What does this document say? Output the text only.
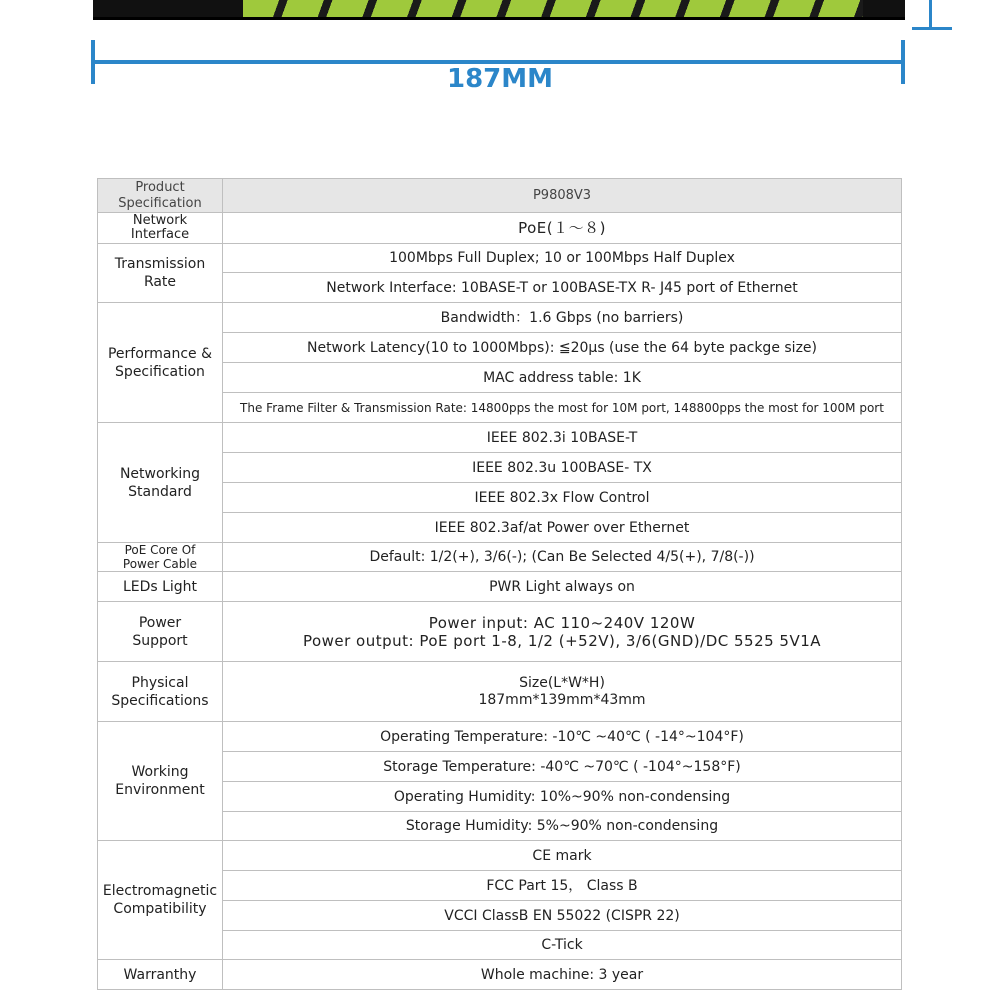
187MM
Product Specification	P9808V3
Network
Interface	PoE(１～８)
Transmission
Rate	100Mbps Full Duplex; 10 or 100Mbps Half Duplex
	Network Interface: 10BASE-T or 100BASE-TX R- J45 port of Ethernet
Performance &
Specification	Bandwidth：1.6 Gbps (no barriers)
	Network Latency(10 to 1000Mbps): ≦20μs (use the 64 byte packge size)
	MAC address table: 1K
	The Frame Filter & Transmission Rate: 14800pps the most for 10M port, 148800pps the most for 100M port
Networking
Standard	IEEE 802.3i 10BASE-T
	IEEE 802.3u 100BASE- TX
	IEEE 802.3x Flow Control
	IEEE 802.3af/at Power over Ethernet
PoE Core Of
Power Cable	Default: 1/2(+), 3/6(-); (Can Be Selected 4/5(+), 7/8(-))
LEDs Light	PWR Light always on
Power
Support	Power input: AC 110~240V 120W
Power output: PoE port 1-8, 1/2 (+52V), 3/6(GND)/DC 5525 5V1A
Physical
Specifications	Size(L*W*H)
187mm*139mm*43mm
Working
Environment	Operating Temperature: -10℃ ~40℃ ( -14°~104°F)
	Storage Temperature: -40℃ ~70℃ ( -104°~158°F)
	Operating Humidity: 10%~90% non-condensing
	Storage Humidity: 5%~90% non-condensing
Electromagnetic
Compatibility	CE mark
	FCC Part 15， Class B
	VCCI ClassB EN 55022 (CISPR 22)
	C-Tick
Warranthy	Whole machine: 3 year
